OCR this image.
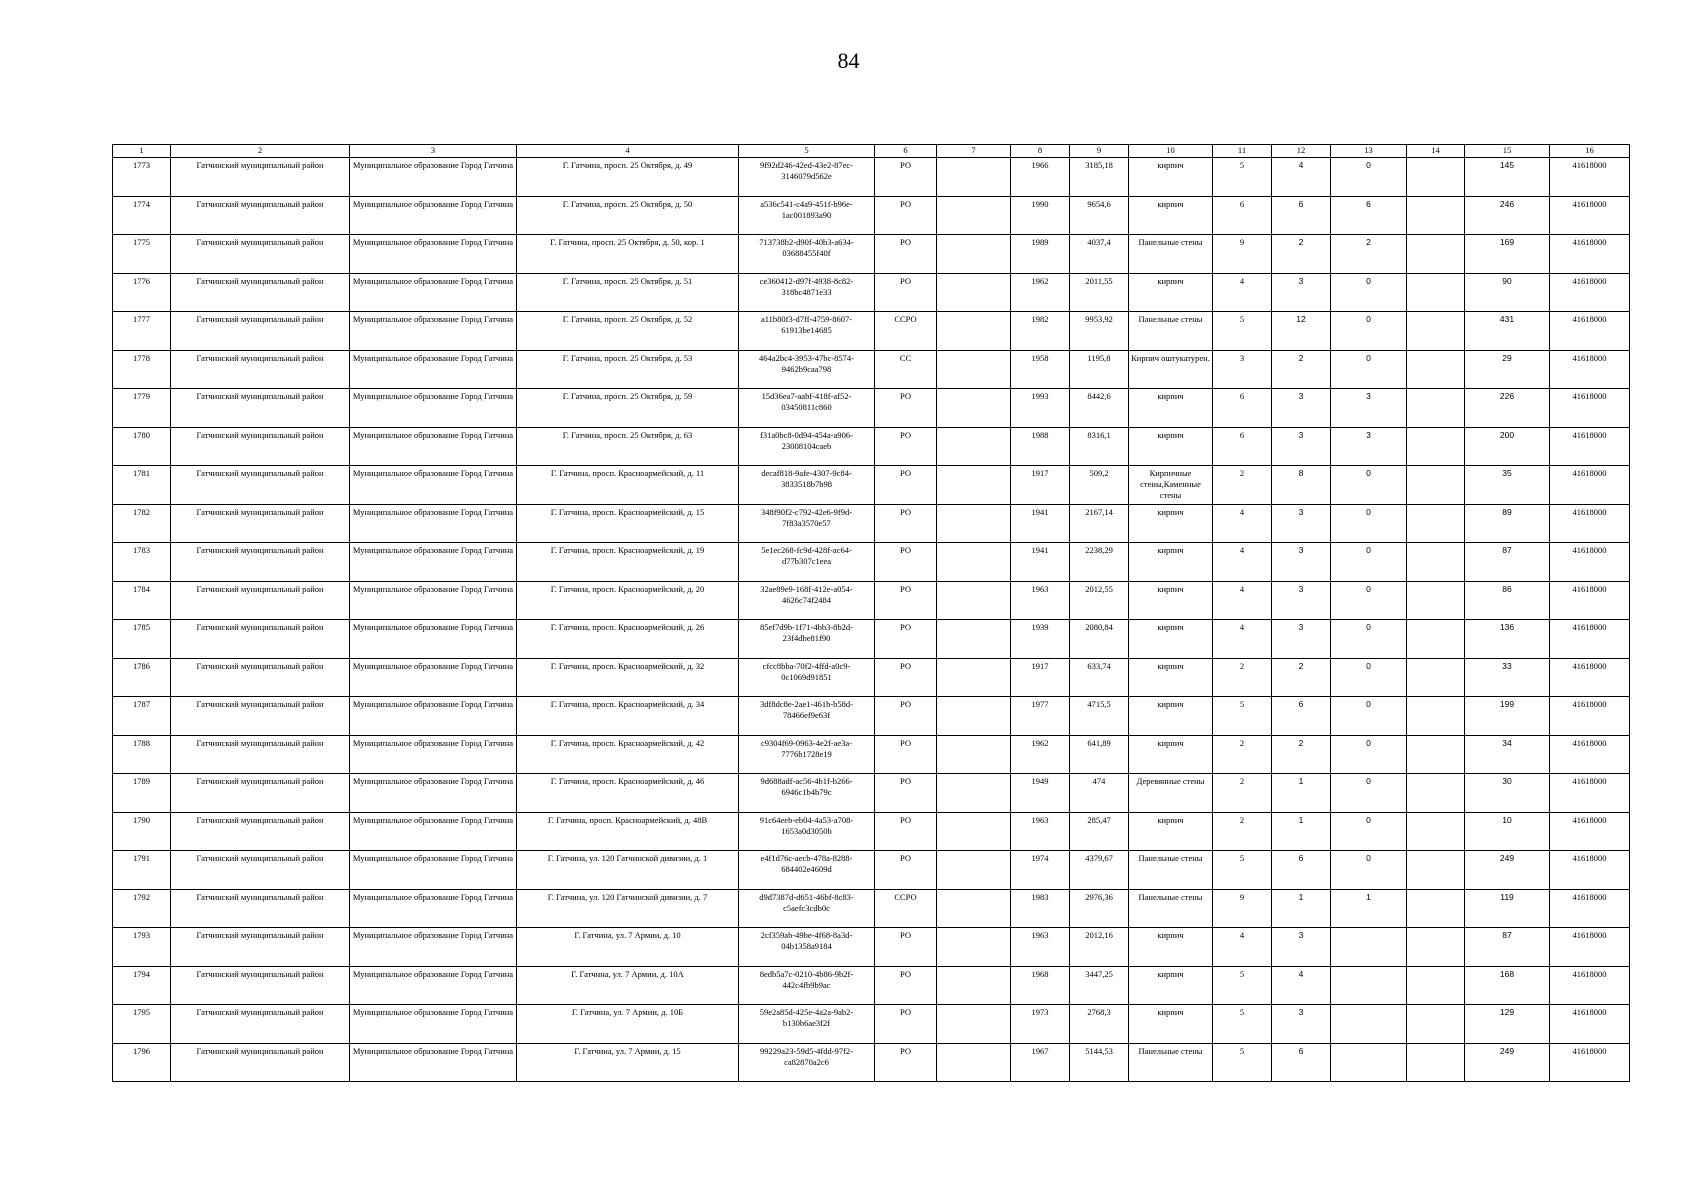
84
1	2	3	4	5	6	7	8	9	10	11	12	13	14	15	16
1773	Гатчинский муниципальный район	Муниципальное образование Город Гатчина	Г. Гатчина, просп. 25 Октября, д. 49	9f92d246-42ed-43e2-87ec-3146079d562e	РО		1966	3185,18	кирпич	5	4	0		145	41618000
1774	Гатчинский муниципальный район	Муниципальное образование Город Гатчина	Г. Гатчина, просп. 25 Октября, д. 50	a536c541-c4a9-451f-b96e-1ac001893a90	РО		1990	9654,6	кирпич	6	6	6		246	41618000
1775	Гатчинский муниципальный район	Муниципальное образование Город Гатчина	Г. Гатчина, просп. 25 Октября, д. 50, кор. 1	713738b2-d90f-40b3-a634-03688455f40f	РО		1989	4037,4	Панельные стены	9	2	2		169	41618000
1776	Гатчинский муниципальный район	Муниципальное образование Город Гатчина	Г. Гатчина, просп. 25 Октября, д. 51	ce360412-d97f-4938-8c82-318bc4871e33	РО		1962	2011,55	кирпич	4	3	0		90	41618000
1777	Гатчинский муниципальный район	Муниципальное образование Город Гатчина	Г. Гатчина, просп. 25 Октября, д. 52	a11b80f3-d7ff-4759-8607-61913be14685	ССРО		1982	9953,92	Панельные стены	5	12	0		431	41618000
1778	Гатчинский муниципальный район	Муниципальное образование Город Гатчина	Г. Гатчина, просп. 25 Октября, д. 53	464a2bc4-3953-47bc-8574-9462b9caa798	СС		1958	1195,8	Кирпич оштукатурен.	3	2	0		29	41618000
1779	Гатчинский муниципальный район	Муниципальное образование Город Гатчина	Г. Гатчина, просп. 25 Октября, д. 59	15d36ea7-aabf-418f-af52-03450811c860	РО		1993	8442,6	кирпич	6	3	3		226	41618000
1780	Гатчинский муниципальный район	Муниципальное образование Город Гатчина	Г. Гатчина, просп. 25 Октября, д. 63	f31a0bc8-0d94-454a-a906-23008104caeb	РО		1988	8316,1	кирпич	6	3	3		200	41618000
1781	Гатчинский муниципальный район	Муниципальное образование Город Гатчина	Г. Гатчина, просп. Красноармейский, д. 11	decaf818-9afe-4307-9c84-3833518b7b98	РО		1917	509,2	Кирпичные стены,Каменные стены	2	8	0		35	41618000
1782	Гатчинский муниципальный район	Муниципальное образование Город Гатчина	Г. Гатчина, просп. Красноармейский, д. 15	348f90f2-c792-42e6-9f9d-7f83a3570e57	РО		1941	2167,14	кирпич	4	3	0		89	41618000
1783	Гатчинский муниципальный район	Муниципальное образование Город Гатчина	Г. Гатчина, просп. Красноармейский, д. 19	5e1ec268-fc9d-428f-ac64-d77b307c1eea	РО		1941	2238,29	кирпич	4	3	0		87	41618000
1784	Гатчинский муниципальный район	Муниципальное образование Город Гатчина	Г. Гатчина, просп. Красноармейский, д. 20	32ae89e9-168f-412e-a054-4626c74f2484	РО		1963	2012,55	кирпич	4	3	0		86	41618000
1785	Гатчинский муниципальный район	Муниципальное образование Город Гатчина	Г. Гатчина, просп. Красноармейский, д. 26	85ef7d9b-1f71-4bb3-8b2d-23f4dbe81f90	РО		1939	2080,84	кирпич	4	3	0		136	41618000
1786	Гатчинский муниципальный район	Муниципальное образование Город Гатчина	Г. Гатчина, просп. Красноармейский, д. 32	cfcc8bba-70f2-4ffd-a0c9-0c1069d91851	РО		1917	633,74	кирпич	2	2	0		33	41618000
1787	Гатчинский муниципальный район	Муниципальное образование Город Гатчина	Г. Гатчина, просп. Красноармейский, д. 34	3df8dc8e-2ae1-461b-b58d-78466ef9e63f	РО		1977	4715,5	кирпич	5	6	0		199	41618000
1788	Гатчинский муниципальный район	Муниципальное образование Город Гатчина	Г. Гатчина, просп. Красноармейский, д. 42	c9304f69-0963-4e2f-ae3a-7776b1728e19	РО		1962	641,89	кирпич	2	2	0		34	41618000
1789	Гатчинский муниципальный район	Муниципальное образование Город Гатчина	Г. Гатчина, просп. Красноармейский, д. 46	9d688adf-ac56-4b1f-b266-6946c1b4b79c	РО		1949	474	Деревянные стены	2	1	0		30	41618000
1790	Гатчинский муниципальный район	Муниципальное образование Город Гатчина	Г. Гатчина, просп. Красноармейский, д. 48В	91c64eeb-eb04-4a53-a708-1653a0d3050b	РО		1963	285,47	кирпич	2	1	0		10	41618000
1791	Гатчинский муниципальный район	Муниципальное образование Город Гатчина	Г. Гатчина, ул. 120 Гатчинской дивизии, д. 1	e4f1d76c-aecb-478a-8288-684402e4609d	РО		1974	4379,67	Панельные стены	5	6	0		249	41618000
1792	Гатчинский муниципальный район	Муниципальное образование Город Гатчина	Г. Гатчина, ул. 120 Гатчинской дивизии, д. 7	d9d7387d-d651-46bf-8c83-c5aefc3cdb0c	ССРО		1983	2976,36	Панельные стены	9	1	1		119	41618000
1793	Гатчинский муниципальный район	Муниципальное образование Город Гатчина	Г. Гатчина, ул. 7 Армии, д. 10	2cf359ab-49be-4f68-8a3d-04b1358a9184	РО		1963	2012,16	кирпич	4	3			87	41618000
1794	Гатчинский муниципальный район	Муниципальное образование Город Гатчина	Г. Гатчина, ул. 7 Армии, д. 10А	8edb5a7c-0210-4b86-9b2f-442c4fb9b9ac	РО		1968	3447,25	кирпич	5	4			168	41618000
1795	Гатчинский муниципальный район	Муниципальное образование Город Гатчина	Г. Гатчина, ул. 7 Армии, д. 10Б	59e2a85d-425e-4a2a-9ab2-b130b6ae3f2f	РО		1973	2768,3	кирпич	5	3			129	41618000
1796	Гатчинский муниципальный район	Муниципальное образование Город Гатчина	Г. Гатчина, ул. 7 Армии, д. 15	99229a23-59d5-4fdd-97f2-ca82870a2c6	РО		1967	5144,53	Панельные стены	5	6			249	41618000
